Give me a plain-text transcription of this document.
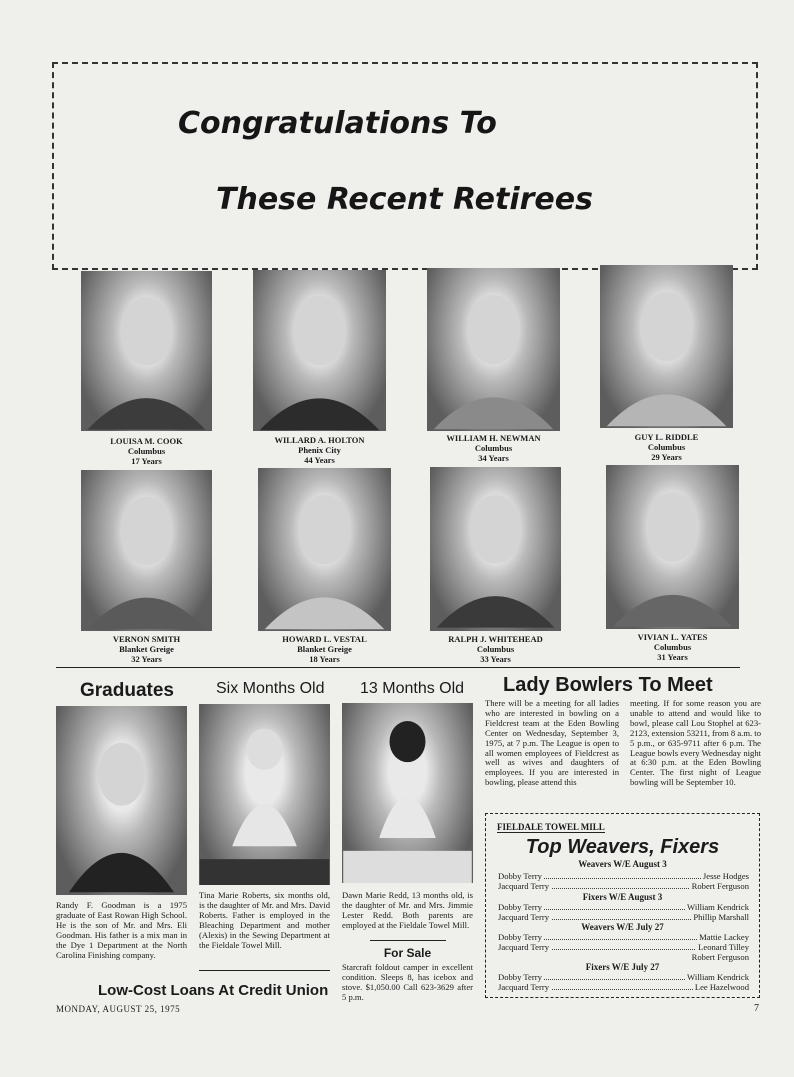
Congratulations To
These Recent Retirees
LOUISA M. COOK
Columbus
17 Years
WILLARD A. HOLTON
Phenix City
44 Years
WILLIAM H. NEWMAN
Columbus
34 Years
GUY L. RIDDLE
Columbus
29 Years
VERNON SMITH
Blanket Greige
32 Years
HOWARD L. VESTAL
Blanket Greige
18 Years
RALPH J. WHITEHEAD
Columbus
33 Years
VIVIAN L. YATES
Columbus
31 Years
Graduates
Randy F. Goodman is a 1975 graduate of East Rowan High School. He is the son of Mr. and Mrs. Eli Goodman. His father is a mix man in the Dye 1 Department at the North Carolina Finishing company.
Six Months Old
Tina Marie Roberts, six months old, is the daughter of Mr. and Mrs. David Roberts. Father is employed in the Bleaching Department and mother (Alexis) in the Sewing Department at the Fieldale Towel Mill.
13 Months Old
Dawn Marie Redd, 13 months old, is the daughter of Mr. and Mrs. Jimmie Lester Redd. Both parents are employed at the Fieldale Towel Mill.
For Sale
Starcraft foldout camper in excellent condition. Sleeps 8, has icebox and stove. $1,050.00 Call 623-3629 after 5 p.m.
Lady Bowlers To Meet
There will be a meeting for all ladies who are interested in bowling on a Fieldcrest team at the Eden Bowling Center on Wednesday, September 3, 1975, at 7 p.m. The League is open to all women employees of Fieldcrest as well as wives and daughters of employees. If you are interested in bowling, please attend this
meeting. If for some reason you are unable to attend and would like to bowl, please call Lou Stophel at 623-2123, extension 53211, from 8 a.m. to 5 p.m., or 635-9711 after 6 p.m. The League bowls every Wednesday night at 6:30 p.m. at the Eden Bowling Center. The first night of League bowling will be September 10.
FIELDALE TOWEL MILL
Top Weavers, Fixers
Weavers W/E August 3
Dobby Terry	Jesse Hodges
Jacquard Terry	Robert Ferguson
Fixers W/E August 3
Dobby Terry	William Kendrick
Jacquard Terry	Phillip Marshall
Weavers W/E July 27
Dobby Terry	Mattie Lackey
Jacquard Terry	Leonard Tilley
Robert Ferguson
Fixers W/E July 27
Dobby Terry	William Kendrick
Jacquard Terry	Lee Hazelwood
Low-Cost Loans At Credit Union
MONDAY, AUGUST 25, 1975	7
